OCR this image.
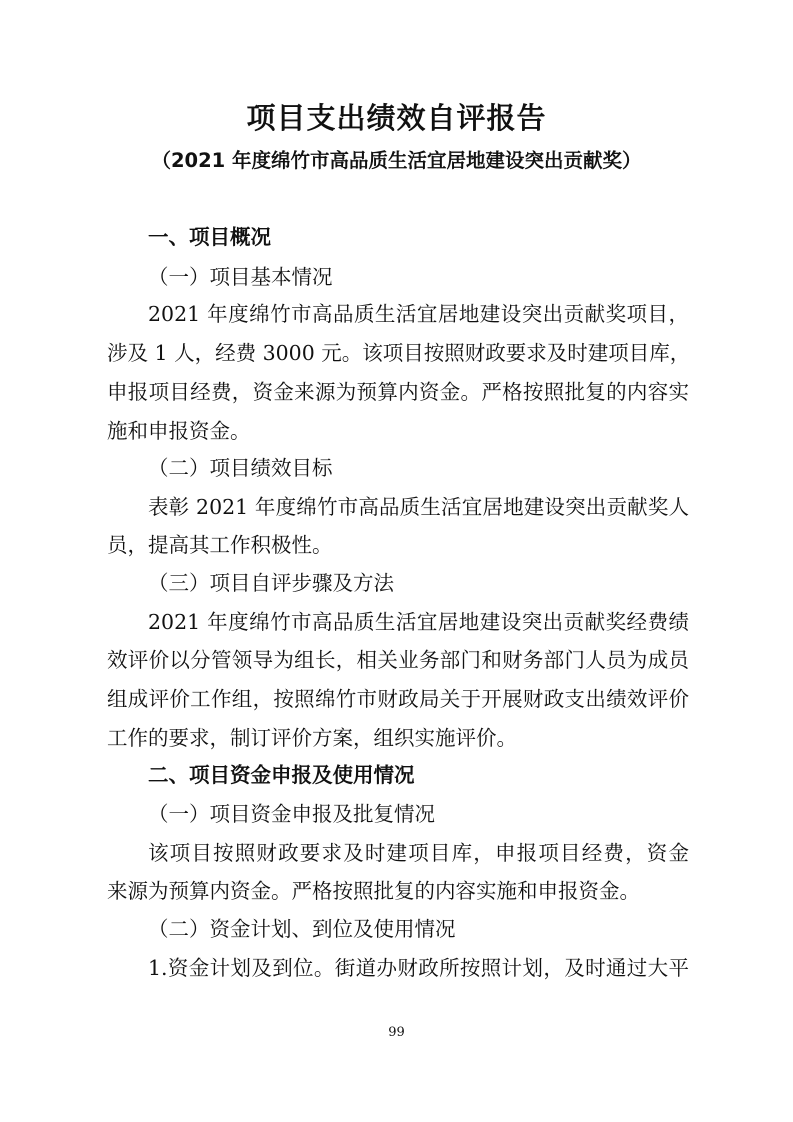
项目支出绩效自评报告

（2021 年度绵竹市高品质生活宜居地建设突出贡献奖）

一、项目概况

（一）项目基本情况

2021 年度绵竹市高品质生活宜居地建设突出贡献奖项目，

涉及 1 人，经费 3000 元。该项目按照财政要求及时建项目库，

申报项目经费，资金来源为预算内资金。严格按照批复的内容实

施和申报资金。

（二）项目绩效目标

表彰 2021 年度绵竹市高品质生活宜居地建设突出贡献奖人

员，提高其工作积极性。

（三）项目自评步骤及方法

2021 年度绵竹市高品质生活宜居地建设突出贡献奖经费绩

效评价以分管领导为组长，相关业务部门和财务部门人员为成员

组成评价工作组，按照绵竹市财政局关于开展财政支出绩效评价

工作的要求，制订评价方案，组织实施评价。

二、项目资金申报及使用情况

（一）项目资金申报及批复情况

该项目按照财政要求及时建项目库，申报项目经费，资金

来源为预算内资金。严格按照批复的内容实施和申报资金。

（二）资金计划、到位及使用情况

1.资金计划及到位。街道办财政所按照计划，及时通过大平

99
